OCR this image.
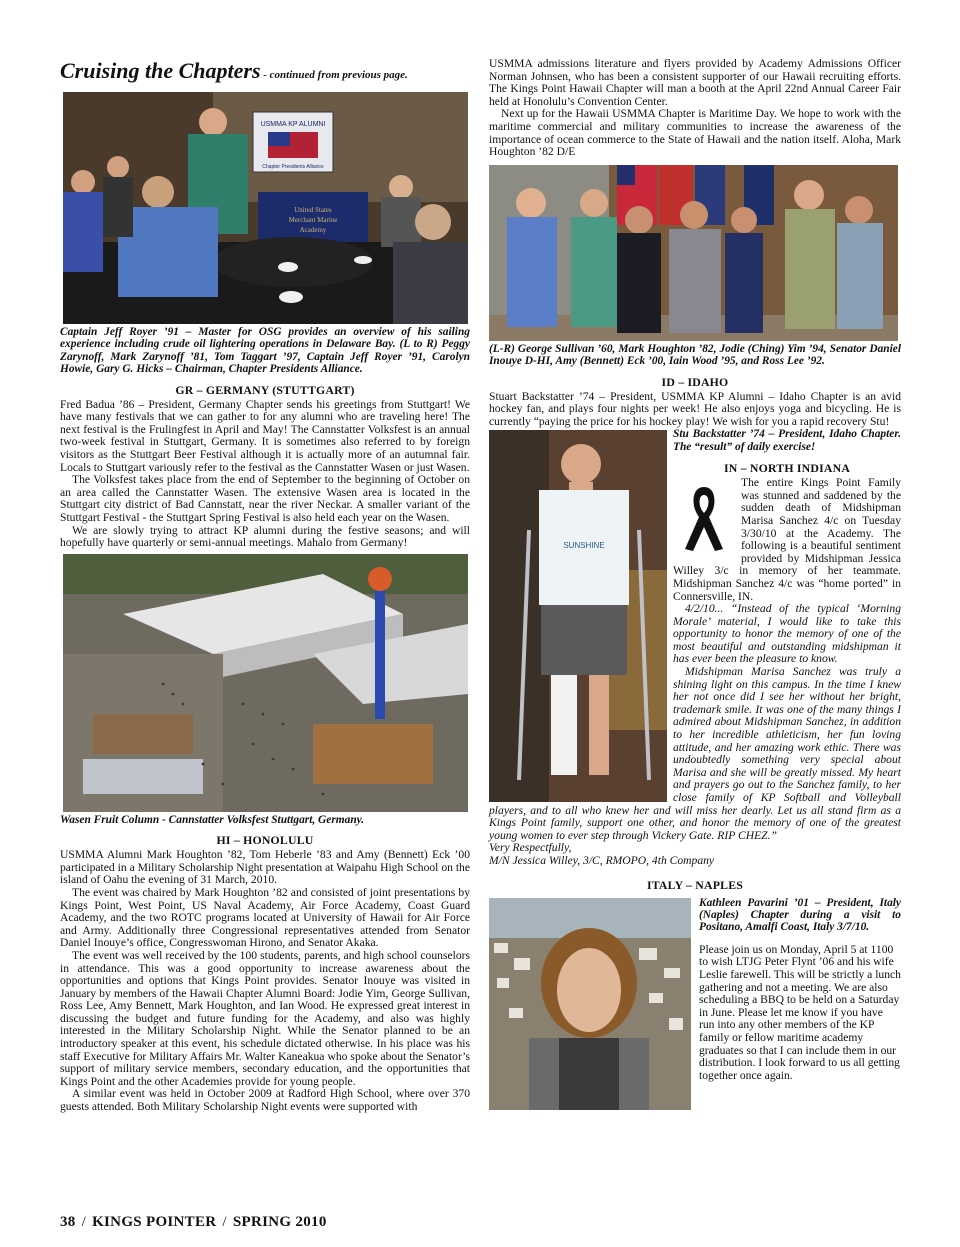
Cruising the Chapters - continued from previous page.
USMMA KP ALUMNI
Chapter Presidents Alliance
United States
Merchant Marine
Academy

Captain Jeff Royer ’91 – Master for OSG provides an overview of his sailing experience including crude oil lightering operations in Delaware Bay. (L to R) Peggy Zarynoff, Mark Zarynoff ’81, Tom Taggart ’97, Captain Jeff Royer ’91, Carolyn Howie, Gary G. Hicks – Chairman, Chapter Presidents Alliance.

GR – GERMANY (STUTTGART)

Fred Badua ’86 – President, Germany Chapter sends his greetings from Stuttgart! We have many festivals that we can gather to for any alumni who are traveling here! The next festival is the Frulingfest in April and May! The Cannstatter Volksfest is an annual two-week festival in Stuttgart, Germany. It is sometimes also referred to by foreign visitors as the Stuttgart Beer Festival although it is actually more of an autumnal fair. Locals to Stuttgart variously refer to the festival as the Cannstatter Wasen or just Wasen.

The Volksfest takes place from the end of September to the beginning of October on an area called the Cannstatter Wasen. The extensive Wasen area is located in the Stuttgart city district of Bad Cannstatt, near the river Neckar. A smaller variant of the Stuttgart Festival - the Stuttgart Spring Festival is also held each year on the Wasen.

We are slowly trying to attract KP alumni during the festive seasons; and will hopefully have quarterly or semi-annual meetings. Mahalo from Germany!

Wasen Fruit Column - Cannstatter Volksfest Stuttgart, Germany.

HI – HONOLULU

USMMA Alumni Mark Houghton ’82, Tom Heberle ’83 and Amy (Bennett) Eck ’00 participated in a Military Scholarship Night presentation at Waipahu High School on the island of Oahu the evening of 31 March, 2010.

The event was chaired by Mark Houghton ’82 and consisted of joint presentations by Kings Point, West Point, US Naval Academy, Air Force Academy, Coast Guard Academy, and the two ROTC programs located at University of Hawaii for Air Force and Army. Additionally three Congressional representatives attended from Senator Daniel Inouye’s office, Congresswoman Hirono, and Senator Akaka.

The event was well received by the 100 students, parents, and high school counselors in attendance. This was a good opportunity to increase awareness about the opportunities and options that Kings Point provides. Senator Inouye was visited in January by members of the Hawaii Chapter Alumni Board: Jodie Yim, George Sullivan, Ross Lee, Amy Bennett, Mark Houghton, and Ian Wood. He expressed great interest in discussing the budget and future funding for the Academy, and also was highly interested in the Military Scholarship Night. While the Senator planned to be an introductory speaker at this event, his schedule dictated otherwise. In his place was his staff Executive for Military Affairs Mr. Walter Kaneakua who spoke about the Senator’s support of military service members, secondary education, and the opportunities that Kings Point and the other Academies provide for young people.

A similar event was held in October 2009 at Radford High School, where over 370 guests attended. Both Military Scholarship Night events were supported with

USMMA admissions literature and flyers provided by Academy Admissions Officer Norman Johnsen, who has been a consistent supporter of our Hawaii recruiting efforts. The Kings Point Hawaii Chapter will man a booth at the April 22nd Annual Career Fair held at Honolulu’s Convention Center.

Next up for the Hawaii USMMA Chapter is Maritime Day. We hope to work with the maritime commercial and military communities to increase the awareness of the importance of ocean commerce to the State of Hawaii and the nation itself. Aloha, Mark Houghton ’82 D/E

(L-R) George Sullivan ’60, Mark Houghton ’82, Jodie (Ching) Yim ’94, Senator Daniel Inouye D-HI, Amy (Bennett) Eck ’00, Iain Wood ’95, and Ross Lee ’92.

ID – IDAHO

Stuart Backstatter ’74 – President, USMMA KP Alumni – Idaho Chapter is an avid hockey fan, and plays four nights per week! He also enjoys yoga and bicycling. He is currently “paying the price for his hockey play! We wish for you a rapid recovery Stu!

SUNSHINE

Stu Backstatter ’74 – President, Idaho Chapter. The “result” of daily exercise!

IN – NORTH INDIANA

The entire Kings Point Family was stunned and saddened by the sudden death of Midshipman Marisa Sanchez 4/c on Tuesday 3/30/10 at the Academy. The following is a beautiful sentiment provided by Midshipman Jessica Willey 3/c in memory of her teammate. Midshipman Sanchez 4/c was “home ported” in Connersville, IN.

4/2/10... “Instead of the typical ‘Morning Morale’ material, I would like to take this opportunity to honor the memory of one of the most beautiful and outstanding midshipman it has ever been the pleasure to know.

Midshipman Marisa Sanchez was truly a shining light on this campus. In the time I knew her not once did I see her without her bright, trademark smile. It was one of the many things I admired about Midshipman Sanchez, in addition to her incredible athleticism, her fun loving attitude, and her amazing work ethic. There was undoubtedly something very special about Marisa and she will be greatly missed. My heart and prayers go out to the Sanchez family, to her close family of KP Softball and Volleyball players, and to all who knew her and will miss her dearly. Let us all stand firm as a Kings Point family, support one other, and honor the memory of one of the greatest young women to ever step through Vickery Gate. RIP CHEZ.”

Very Respectfully,

M/N Jessica Willey, 3/C, RMOPO, 4th Company

ITALY – NAPLES

Kathleen Pavarini ’01 – President, Italy (Naples) Chapter during a visit to Positano, Amalfi Coast, Italy 3/7/10.

Please join us on Monday, April 5 at 1100 to wish LTJG Peter Flynt ’06 and his wife Leslie farewell. This will be strictly a lunch gathering and not a meeting. We are also scheduling a BBQ to be held on a Saturday in June. Please let me know if you have run into any other members of the KP family or fellow maritime academy graduates so that I can include them in our distribution. I look forward to us all getting together once again.

38 / KINGS POINTER / SPRING 2010
